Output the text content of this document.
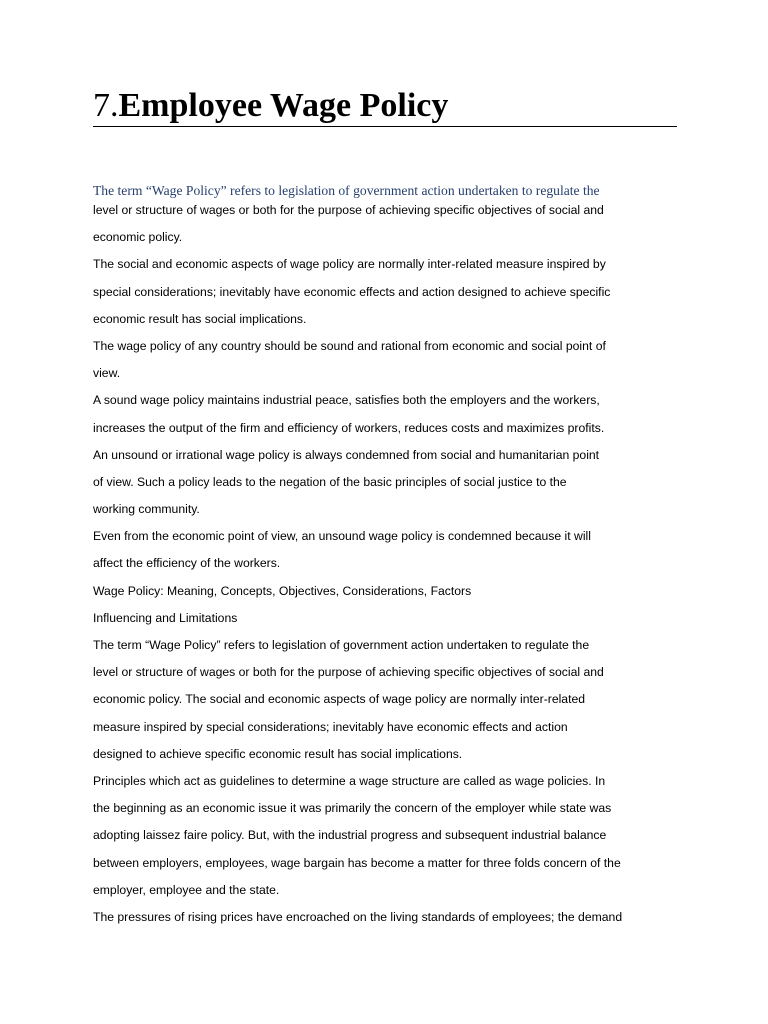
7.Employee Wage Policy
The term “Wage Policy” refers to legislation of government action undertaken to regulate the
level or structure of wages or both for the purpose of achieving specific objectives of social and
economic policy.
The social and economic aspects of wage policy are normally inter-related measure inspired by
special considerations; inevitably have economic effects and action designed to achieve specific
economic result has social implications.
The wage policy of any country should be sound and rational from economic and social point of
view.
A sound wage policy maintains industrial peace, satisfies both the employers and the workers,
increases the output of the firm and efficiency of workers, reduces costs and maximizes profits.
An unsound or irrational wage policy is always condemned from social and humanitarian point
of view. Such a policy leads to the negation of the basic principles of social justice to the
working community.
Even from the economic point of view, an unsound wage policy is condemned because it will
affect the efficiency of the workers.
Wage Policy: Meaning, Concepts, Objectives, Considerations, Factors
Influencing and Limitations
The term “Wage Policy” refers to legislation of government action undertaken to regulate the
level or structure of wages or both for the purpose of achieving specific objectives of social and
economic policy. The social and economic aspects of wage policy are normally inter-related
measure inspired by special considerations; inevitably have economic effects and action
designed to achieve specific economic result has social implications.
Principles which act as guidelines to determine a wage structure are called as wage policies. In
the beginning as an economic issue it was primarily the concern of the employer while state was
adopting laissez faire policy. But, with the industrial progress and subsequent industrial balance
between employers, employees, wage bargain has become a matter for three folds concern of the
employer, employee and the state.
The pressures of rising prices have encroached on the living standards of employees; the demand
